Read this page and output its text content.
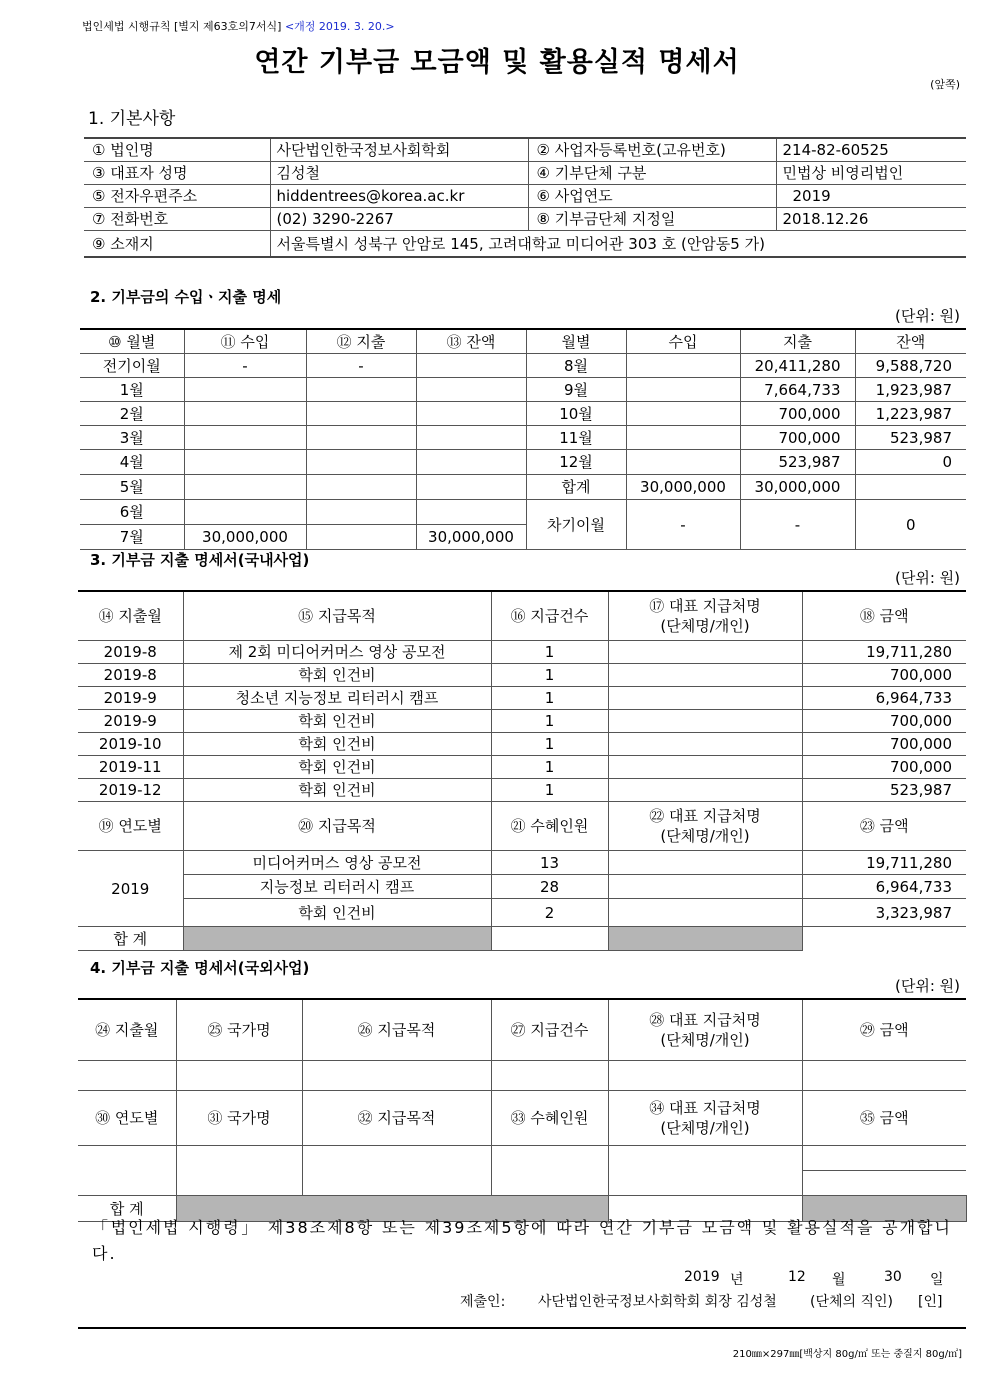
법인세법 시행규칙 [별지 제63호의7서식] <개정 2019. 3. 20.>
연간 기부금 모금액 및 활용실적 명세서
(앞쪽)
1. 기본사항
① 법인명	사단법인한국정보사회학회	② 사업자등록번호(고유번호)	214-82-60525
③ 대표자 성명	김성철	④ 기부단체 구분	민법상 비영리법인
⑤ 전자우편주소	hiddentrees@korea.ac.kr	⑥ 사업연도	2019
⑦ 전화번호	(02) 3290-2267	⑧ 기부금단체 지정일	2018.12.26
⑨ 소재지	서울특별시 성북구 안암로 145, 고려대학교 미디어관 303 호 (안암동5 가)		
2. 기부금의 수입ㆍ지출 명세
(단위: 원)
⑩ 월별	⑪ 수입	⑫ 지출	⑬ 잔액	월별	수입	지출	잔액
전기이월	-	-		8월		20,411,280	9,588,720
1월				9월		7,664,733	1,923,987
2월				10월		700,000	1,223,987
3월				11월		700,000	523,987
4월				12월		523,987	0
5월				합계	30,000,000	30,000,000	
6월				차기이월	-	-	0
7월	30,000,000		30,000,000				
3. 기부금 지출 명세서(국내사업)
(단위: 원)
⑭ 지출월	⑮ 지급목적	⑯ 지급건수	⑰ 대표 지급처명
(단체명/개인)	⑱ 금액
2019-8	제 2회 미디어커머스 영상 공모전	1		19,711,280
2019-8	학회 인건비	1		700,000
2019-9	청소년 지능정보 리터러시 캠프	1		6,964,733
2019-9	학회 인건비	1		700,000
2019-10	학회 인건비	1		700,000
2019-11	학회 인건비	1		700,000
2019-12	학회 인건비	1		523,987
⑲ 연도별	⑳ 지급목적	㉑ 수혜인원	㉒ 대표 지급처명
(단체명/개인)	㉓ 금액
2019	미디어커머스 영상 공모전	13		19,711,280
	지능정보 리터러시 캠프	28		6,964,733
	학회 인건비	2		3,323,987
합 계				
4. 기부금 지출 명세서(국외사업)
(단위: 원)
㉔ 지출월	㉕ 국가명	㉖ 지급목적	㉗ 지급건수	㉘ 대표 지급처명
(단체명/개인)	㉙ 금액	

㉚ 연도별	㉛ 국가명	㉜ 지급목적	㉝ 수혜인원	㉞ 대표 지급처명
(단체명/개인)	㉟ 금액	

합 계						
「법인세법 시행령」 제38조제8항 또는 제39조제5항에 따라 연간 기부금 모금액 및 활용실적을 공개합니다.
2019 년	12 월	30 일
제출인: 사단법인한국정보사회학회 회장 김성철 (단체의 직인) [인]
210㎜×297㎜[백상지 80g/㎡ 또는 중질지 80g/㎡]
